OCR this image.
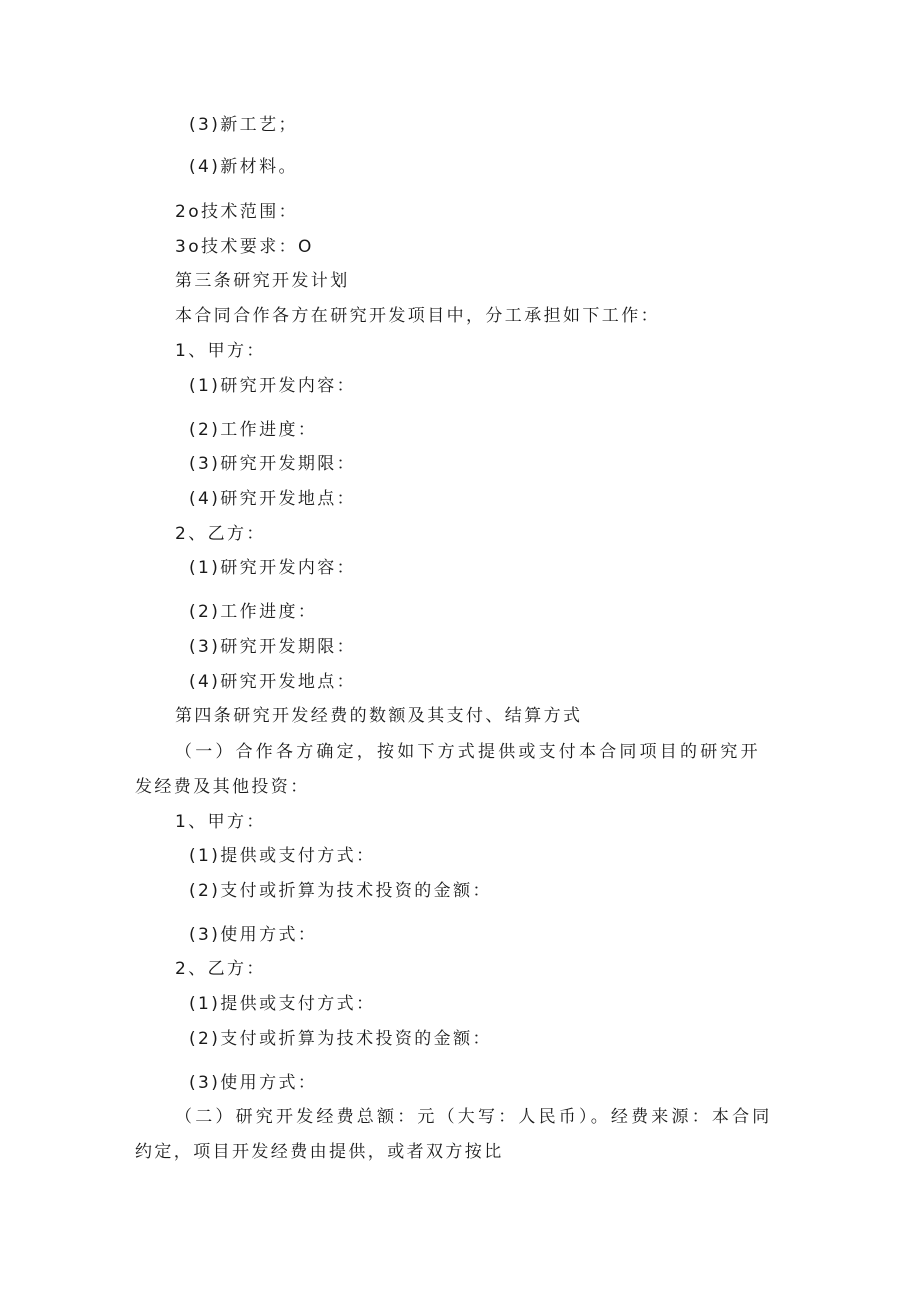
(3)新工艺；
(4)新材料。
2o技术范围：
3o技术要求：O
第三条研究开发计划
本合同合作各方在研究开发项目中，分工承担如下工作：
1、甲方：
(1)研究开发内容：
(2)工作进度：
(3)研究开发期限：
(4)研究开发地点：
2、乙方：
(1)研究开发内容：
(2)工作进度：
(3)研究开发期限：
(4)研究开发地点：
第四条研究开发经费的数额及其支付、结算方式
（一）合作各方确定，按如下方式提供或支付本合同项目的研究开
发经费及其他投资：
1、甲方：
(1)提供或支付方式：
(2)支付或折算为技术投资的金额：
(3)使用方式：
2、乙方：
(1)提供或支付方式：
(2)支付或折算为技术投资的金额：
(3)使用方式：
（二）研究开发经费总额：元（大写：人民币）。经费来源：本合同
约定，项目开发经费由提供，或者双方按比
